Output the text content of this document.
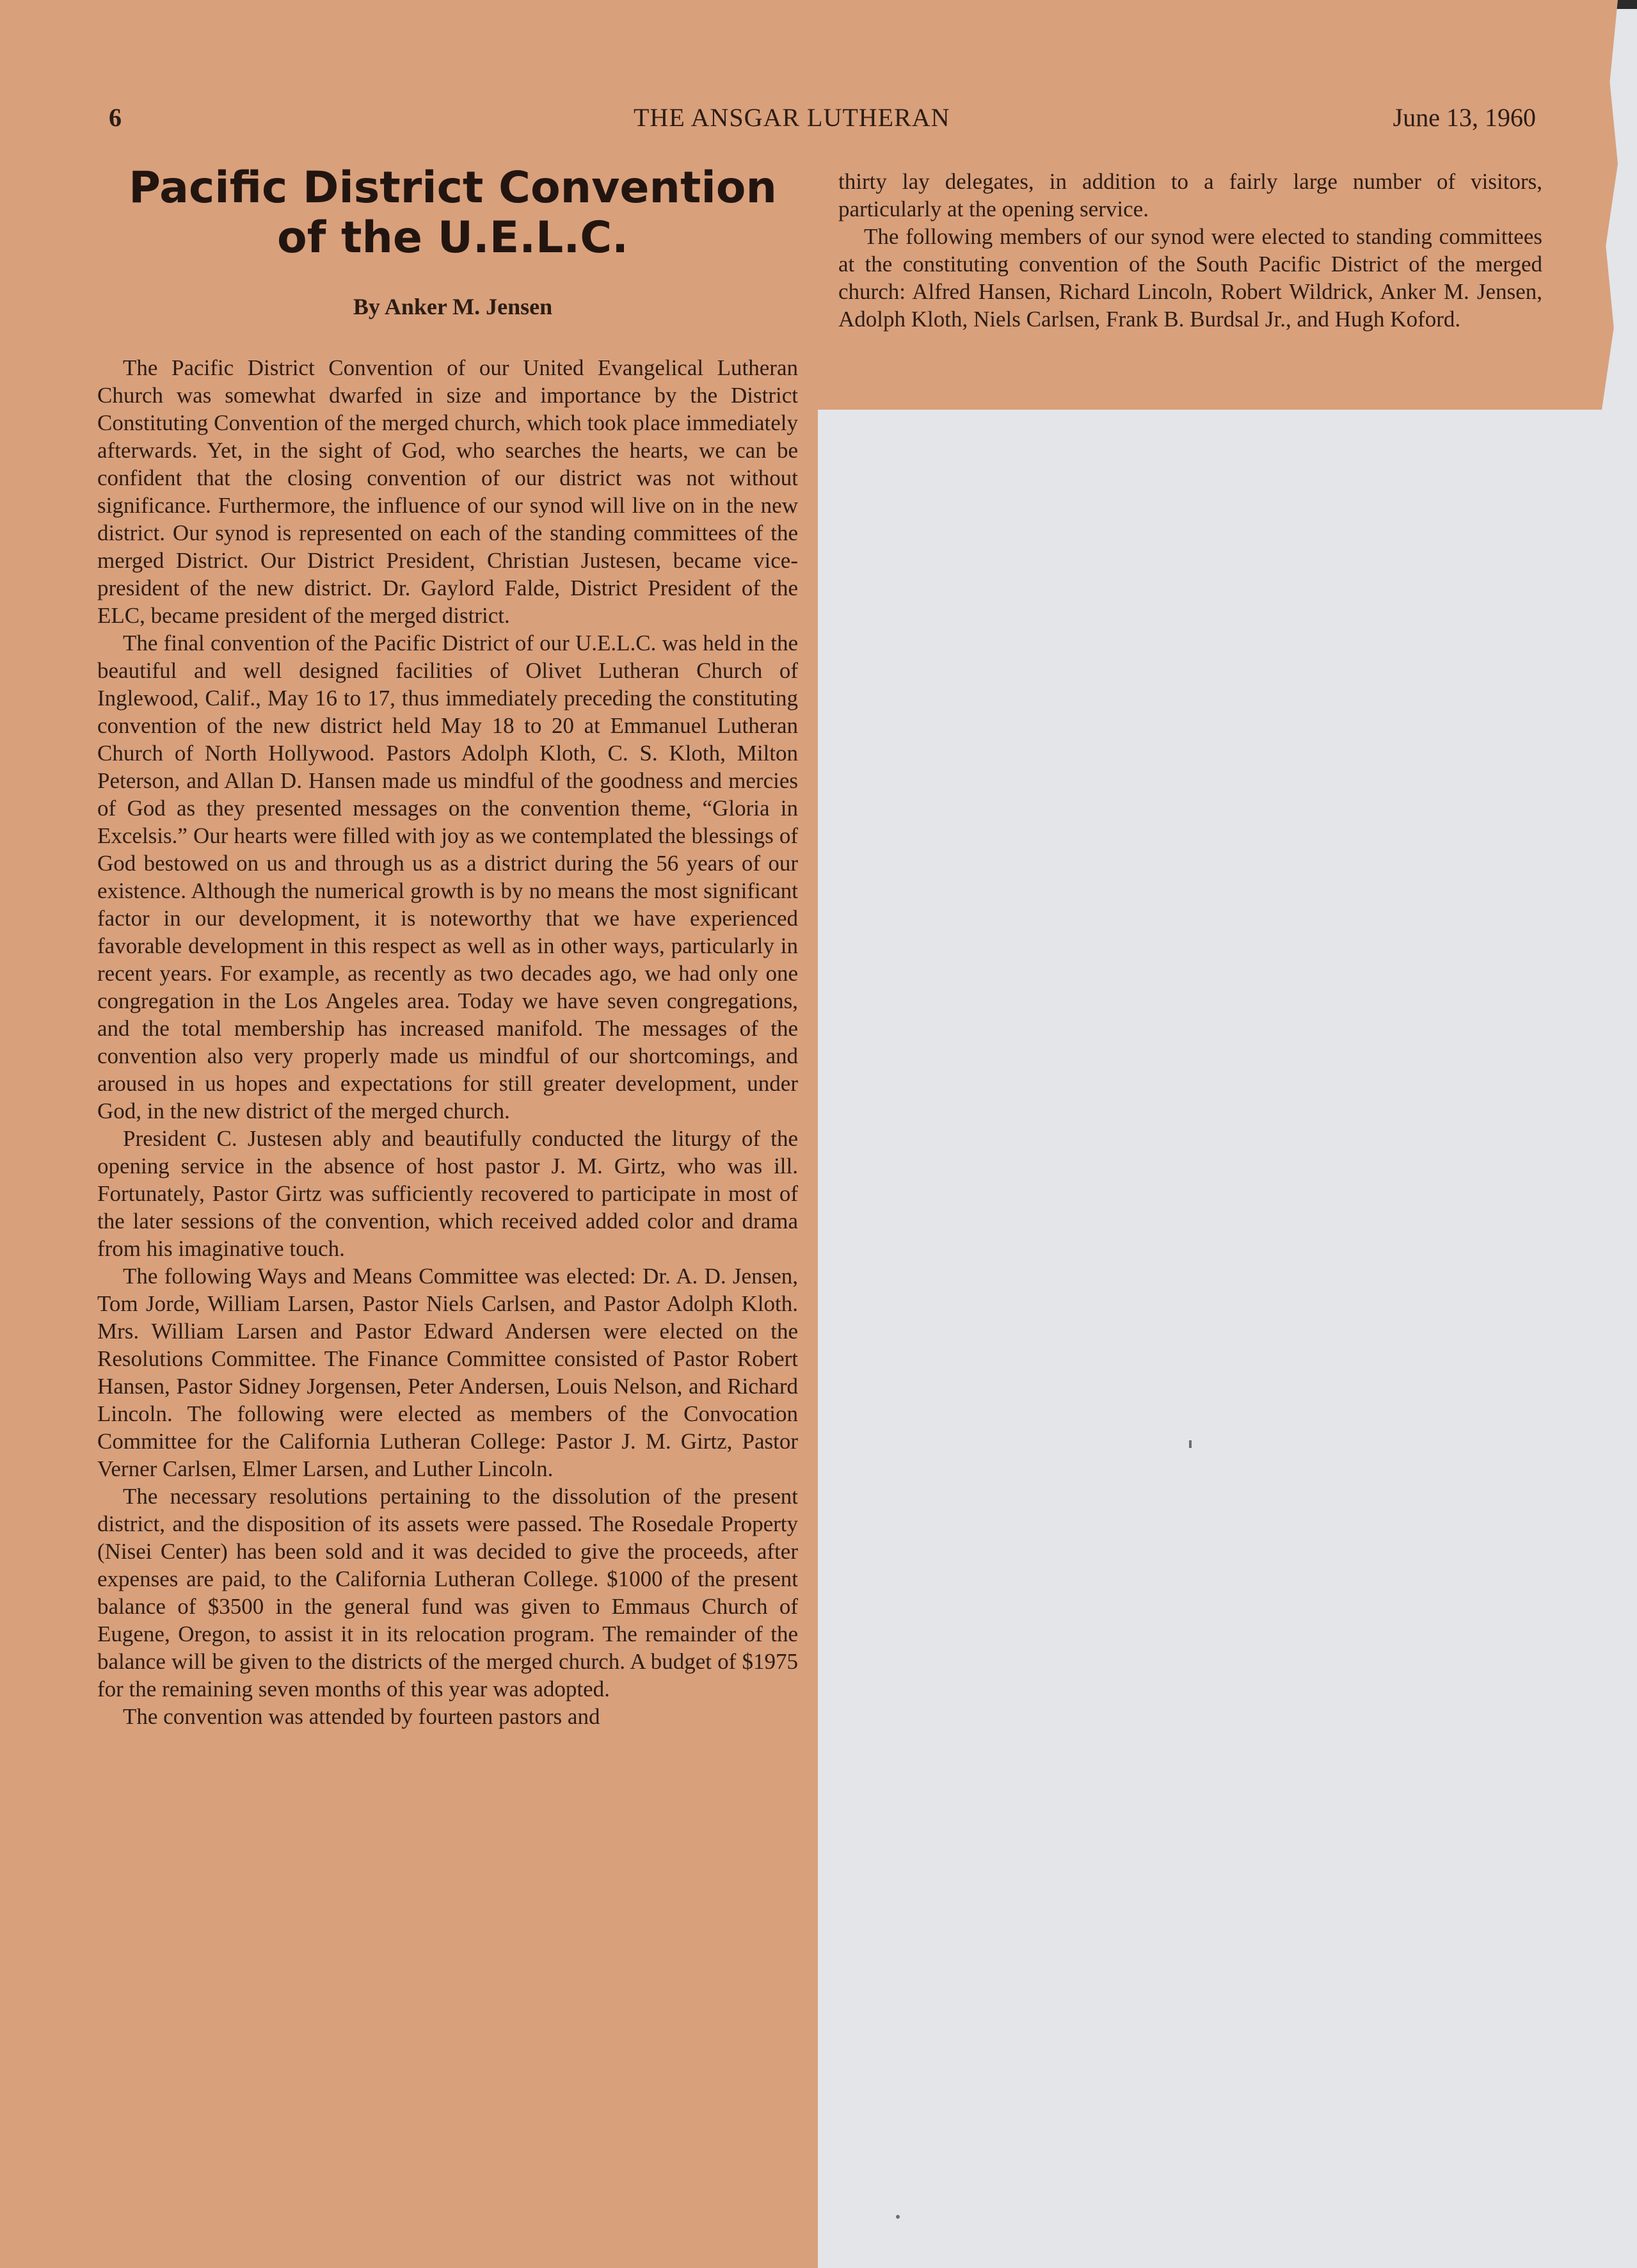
6	THE ANSGAR LUTHERAN	June 13, 1960
Pacific District Convention
of the U.E.L.C.
By Anker M. Jensen

The Pacific District Convention of our United Evangelical Lutheran Church was somewhat dwarfed in size and importance by the District Constituting Convention of the merged church, which took place immediately afterwards. Yet, in the sight of God, who searches the hearts, we can be confident that the closing convention of our district was not without significance. Furthermore, the influence of our synod will live on in the new district. Our synod is represented on each of the standing committees of the merged District. Our District President, Christian Justesen, became vice-president of the new district. Dr. Gaylord Falde, District President of the ELC, became president of the merged district.

The final convention of the Pacific District of our U.E.L.C. was held in the beautiful and well designed facilities of Olivet Lutheran Church of Inglewood, Calif., May 16 to 17, thus immediately preceding the constituting convention of the new district held May 18 to 20 at Emmanuel Lutheran Church of North Hollywood. Pastors Adolph Kloth, C. S. Kloth, Milton Peterson, and Allan D. Hansen made us mindful of the goodness and mercies of God as they presented messages on the convention theme, “Gloria in Excelsis.” Our hearts were filled with joy as we contemplated the blessings of God bestowed on us and through us as a district during the 56 years of our existence. Although the numerical growth is by no means the most significant factor in our development, it is noteworthy that we have experienced favorable development in this respect as well as in other ways, particularly in recent years. For example, as recently as two decades ago, we had only one congregation in the Los Angeles area. Today we have seven congregations, and the total membership has increased manifold. The messages of the convention also very properly made us mindful of our shortcomings, and aroused in us hopes and expectations for still greater development, under God, in the new district of the merged church.

President C. Justesen ably and beautifully conducted the liturgy of the opening service in the absence of host pastor J. M. Girtz, who was ill. Fortunately, Pastor Girtz was sufficiently recovered to participate in most of the later sessions of the convention, which received added color and drama from his imaginative touch.

The following Ways and Means Committee was elected: Dr. A. D. Jensen, Tom Jorde, William Larsen, Pastor Niels Carlsen, and Pastor Adolph Kloth. Mrs. William Larsen and Pastor Edward Andersen were elected on the Resolutions Committee. The Finance Committee consisted of Pastor Robert Hansen, Pastor Sidney Jorgensen, Peter Andersen, Louis Nelson, and Richard Lincoln. The following were elected as members of the Convocation Committee for the California Lutheran College: Pastor J. M. Girtz, Pastor Verner Carlsen, Elmer Larsen, and Luther Lincoln.

The necessary resolutions pertaining to the dissolution of the present district, and the disposition of its assets were passed. The Rosedale Property (Nisei Center) has been sold and it was decided to give the proceeds, after expenses are paid, to the California Lutheran College. $1000 of the present balance of $3500 in the general fund was given to Emmaus Church of Eugene, Oregon, to assist it in its relocation program. The remainder of the balance will be given to the districts of the merged church. A budget of $1975 for the remaining seven months of this year was adopted.

The convention was attended by fourteen pastors and

thirty lay delegates, in addition to a fairly large number of visitors, particularly at the opening service.

The following members of our synod were elected to standing committees at the constituting convention of the South Pacific District of the merged church: Alfred Hansen, Richard Lincoln, Robert Wildrick, Anker M. Jensen, Adolph Kloth, Niels Carlsen, Frank B. Burdsal Jr., and Hugh Koford.
